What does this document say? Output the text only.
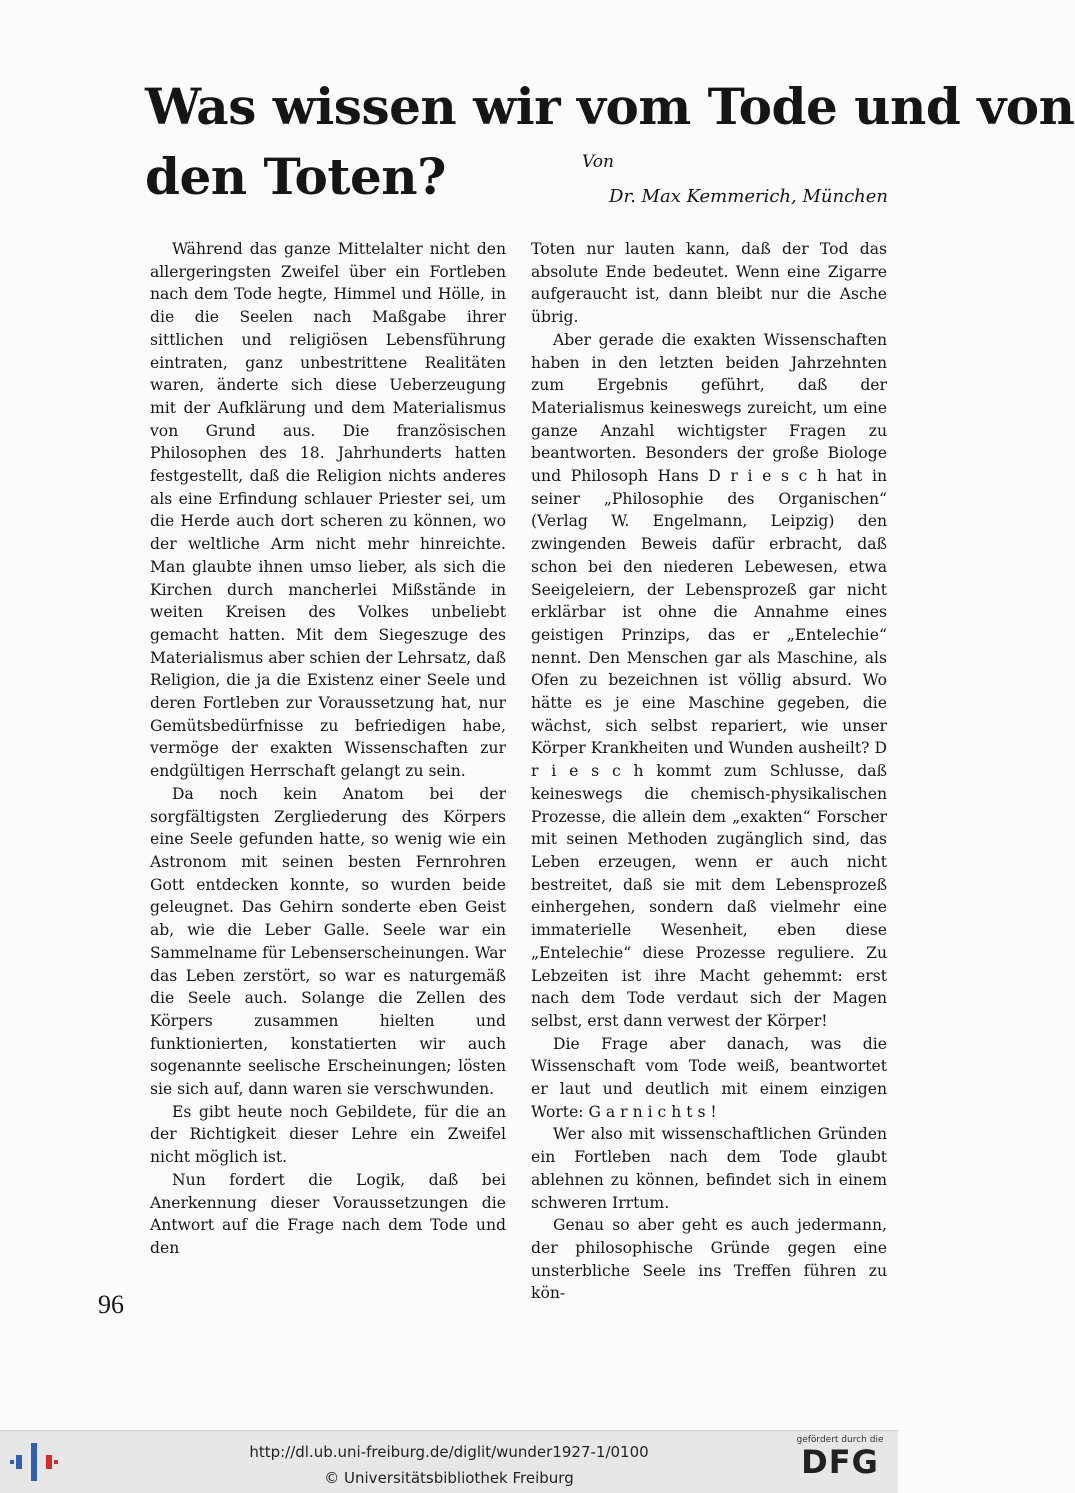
Was wissen wir vom Tode und von
den Toten?	Von
Dr. Max Kemmerich, München

Während das ganze Mittelalter nicht den allergeringsten Zweifel über ein Fortleben nach dem Tode hegte, Himmel und Hölle, in die die Seelen nach Maßgabe ihrer sittlichen und religiösen Lebensführung eintraten, ganz unbestrittene Realitäten waren, änderte sich diese Ueberzeugung mit der Aufklärung und dem Materialismus von Grund aus. Die französischen Philosophen des 18. Jahrhunderts hatten festgestellt, daß die Religion nichts anderes als eine Erfindung schlauer Priester sei, um die Herde auch dort scheren zu können, wo der weltliche Arm nicht mehr hinreichte. Man glaubte ihnen umso lieber, als sich die Kirchen durch mancherlei Mißstände in weiten Kreisen des Volkes unbeliebt gemacht hatten. Mit dem Siegeszuge des Materialismus aber schien der Lehrsatz, daß Religion, die ja die Existenz einer Seele und deren Fortleben zur Voraussetzung hat, nur Gemütsbedürfnisse zu befriedigen habe, vermöge der exakten Wissenschaften zur endgültigen Herrschaft gelangt zu sein.

Da noch kein Anatom bei der sorgfältigsten Zergliederung des Körpers eine Seele gefunden hatte, so wenig wie ein Astronom mit seinen besten Fernrohren Gott entdecken konnte, so wurden beide geleugnet. Das Gehirn sonderte eben Geist ab, wie die Leber Galle. Seele war ein Sammelname für Lebenserscheinungen. War das Leben zerstört, so war es naturgemäß die Seele auch. Solange die Zellen des Körpers zusammen hielten und funktionierten, konstatierten wir auch sogenannte seelische Erscheinungen; lösten sie sich auf, dann waren sie verschwunden.

Es gibt heute noch Gebildete, für die an der Richtigkeit dieser Lehre ein Zweifel nicht möglich ist.

Nun fordert die Logik, daß bei Anerkennung dieser Voraussetzungen die Antwort auf die Frage nach dem Tode und den

Toten nur lauten kann, daß der Tod das absolute Ende bedeutet. Wenn eine Zigarre aufgeraucht ist, dann bleibt nur die Asche übrig.

Aber gerade die exakten Wissenschaften haben in den letzten beiden Jahrzehnten zum Ergebnis geführt, daß der Materialismus keineswegs zureicht, um eine ganze Anzahl wichtigster Fragen zu beantworten. Besonders der große Biologe und Philosoph Hans D r i e s c h hat in seiner „Philosophie des Organischen“ (Verlag W. Engelmann, Leipzig) den zwingenden Beweis dafür erbracht, daß schon bei den niederen Lebewesen, etwa Seeigeleiern, der Lebensprozeß gar nicht erklärbar ist ohne die Annahme eines geistigen Prinzips, das er „Entelechie“ nennt. Den Menschen gar als Maschine, als Ofen zu bezeichnen ist völlig absurd. Wo hätte es je eine Maschine gegeben, die wächst, sich selbst repariert, wie unser Körper Krankheiten und Wunden ausheilt? D r i e s c h kommt zum Schlusse, daß keineswegs die chemisch-physikalischen Prozesse, die allein dem „exakten“ Forscher mit seinen Methoden zugänglich sind, das Leben erzeugen, wenn er auch nicht bestreitet, daß sie mit dem Lebensprozeß einhergehen, sondern daß vielmehr eine immaterielle Wesenheit, eben diese „Entelechie“ diese Prozesse reguliere. Zu Lebzeiten ist ihre Macht gehemmt: erst nach dem Tode verdaut sich der Magen selbst, erst dann verwest der Körper!

Die Frage aber danach, was die Wissenschaft vom Tode weiß, beantwortet er laut und deutlich mit einem einzigen Worte: G a r n i c h t s !

Wer also mit wissenschaftlichen Gründen ein Fortleben nach dem Tode glaubt ablehnen zu können, befindet sich in einem schweren Irrtum.

Genau so aber geht es auch jedermann, der philosophische Gründe gegen eine unsterbliche Seele ins Treffen führen zu kön-

96
http://dl.ub.uni-freiburg.de/diglit/wunder1927-1/0100
© Universitätsbibliothek Freiburg
gefördert durch die
DFG
